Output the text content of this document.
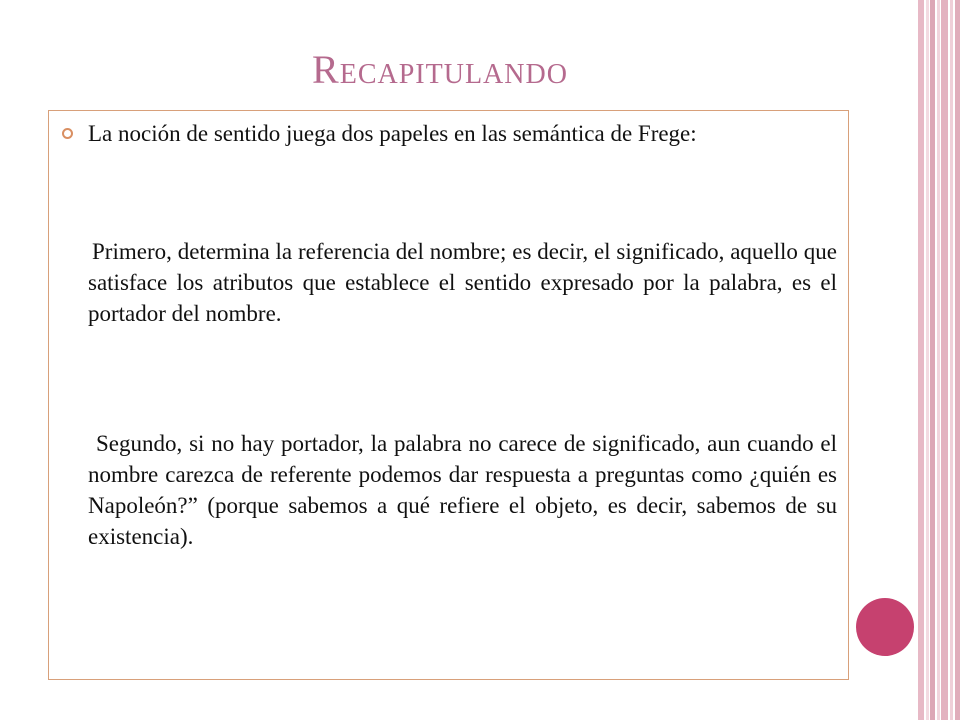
Recapitulando

La noción de sentido juega dos papeles en las semántica de Frege:

Primero, determina la referencia del nombre; es decir, el significado, aquello que satisface los atributos que establece el sentido expresado por la palabra, es el portador del nombre.

Segundo, si no hay portador, la palabra no carece de significado, aun cuando el nombre carezca de referente podemos dar respuesta a preguntas como ¿quién es Napoleón?” (porque sabemos a qué refiere el objeto, es decir, sabemos de su existencia).
